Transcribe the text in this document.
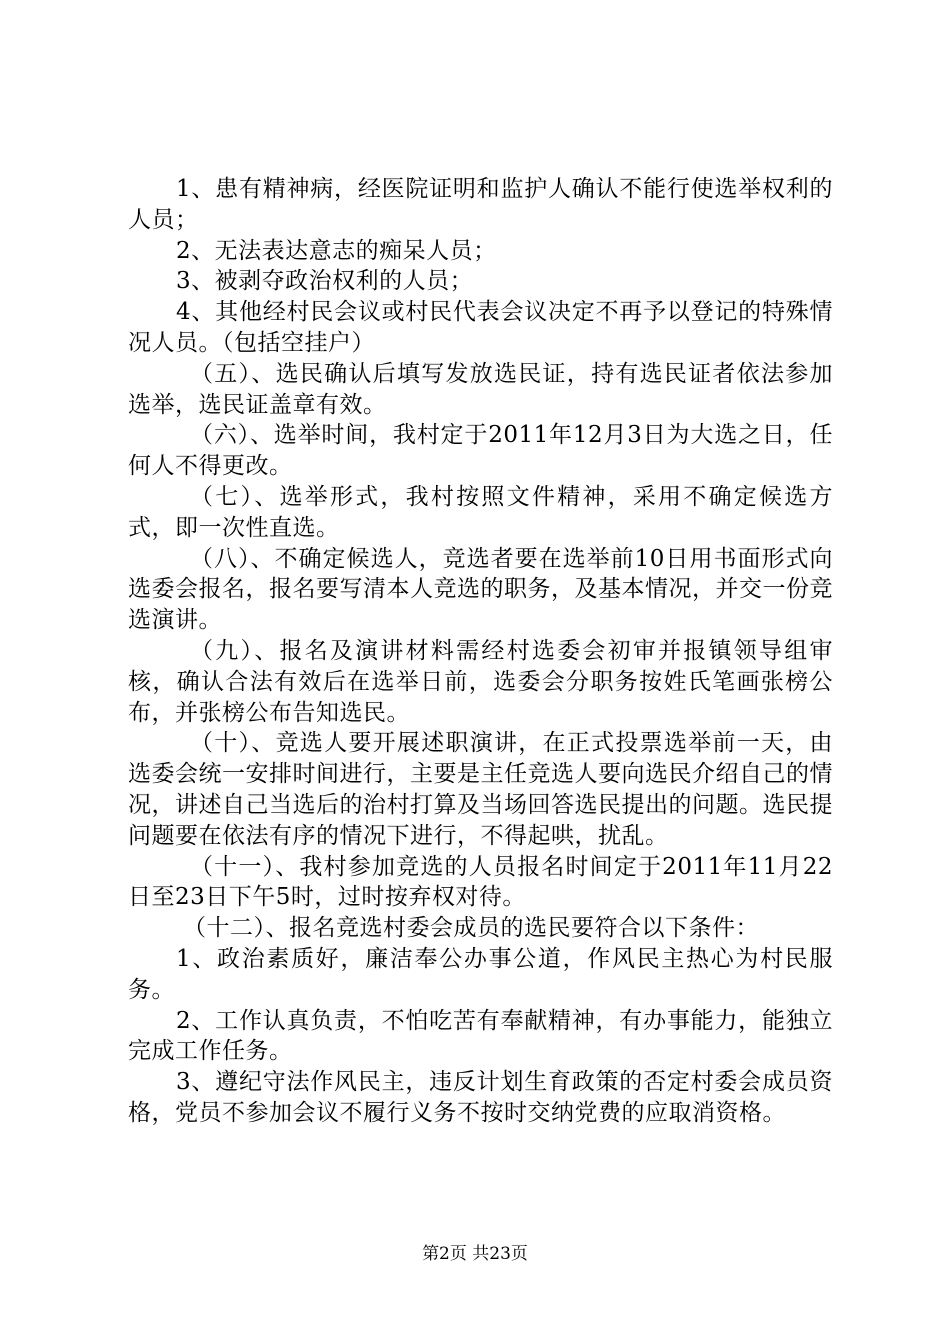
1、患有精神病，经医院证明和监护人确认不能行使选举权利的人员；

2、无法表达意志的痴呆人员；

3、被剥夺政治权利的人员；

4、其他经村民会议或村民代表会议决定不再予以登记的特殊情况人员。（包括空挂户）

（五）、选民确认后填写发放选民证，持有选民证者依法参加选举，选民证盖章有效。

（六）、选举时间，我村定于2011年12月3日为大选之日，任何人不得更改。

（七）、选举形式，我村按照文件精神，采用不确定候选方式，即一次性直选。

（八）、不确定候选人，竞选者要在选举前10日用书面形式向选委会报名，报名要写清本人竞选的职务，及基本情况，并交一份竞选演讲。

（九）、报名及演讲材料需经村选委会初审并报镇领导组审核，确认合法有效后在选举日前，选委会分职务按姓氏笔画张榜公布，并张榜公布告知选民。

（十）、竞选人要开展述职演讲，在正式投票选举前一天，由选委会统一安排时间进行，主要是主任竞选人要向选民介绍自己的情况，讲述自己当选后的治村打算及当场回答选民提出的问题。选民提问题要在依法有序的情况下进行，不得起哄，扰乱。

（十一）、我村参加竞选的人员报名时间定于2011年11月22日至23日下午5时，过时按弃权对待。

（十二）、报名竞选村委会成员的选民要符合以下条件：

1、政治素质好，廉洁奉公办事公道，作风民主热心为村民服务。

2、工作认真负责，不怕吃苦有奉献精神，有办事能力，能独立完成工作任务。

3、遵纪守法作风民主，违反计划生育政策的否定村委会成员资格，党员不参加会议不履行义务不按时交纳党费的应取消资格。

第2页 共23页
